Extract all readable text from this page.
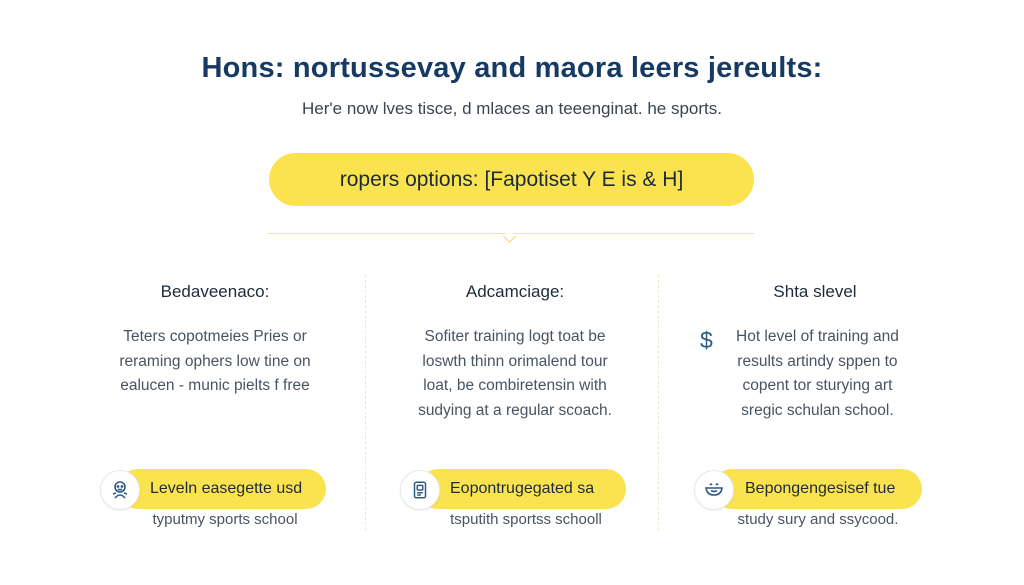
Hons: nortussevay and maora leers jereults:
Her'e now lves tisce, d mlaces an teeenginat. he sports.
ropers options: [Fapotiset Y E is & H]
Bedaveenaco:
Teters copotmeies Pries or
reraming ophers low tine on
ealucen - munic pielts f free
Adcamciage:
Sofiter training logt toat be
loswth thinn orimalend tour
loat, be combiretensin with
sudying at a regular scoach.
Shta slevel
$	Hot level of training and
results artindy sppen to
copent tor sturying art
sregic schulan school.
Leveln easegette usd
typutmy sports school
Eopontrugegated sa
tsputith sportss schooll
Bepongengesisef tue
study sury and ssycood.
